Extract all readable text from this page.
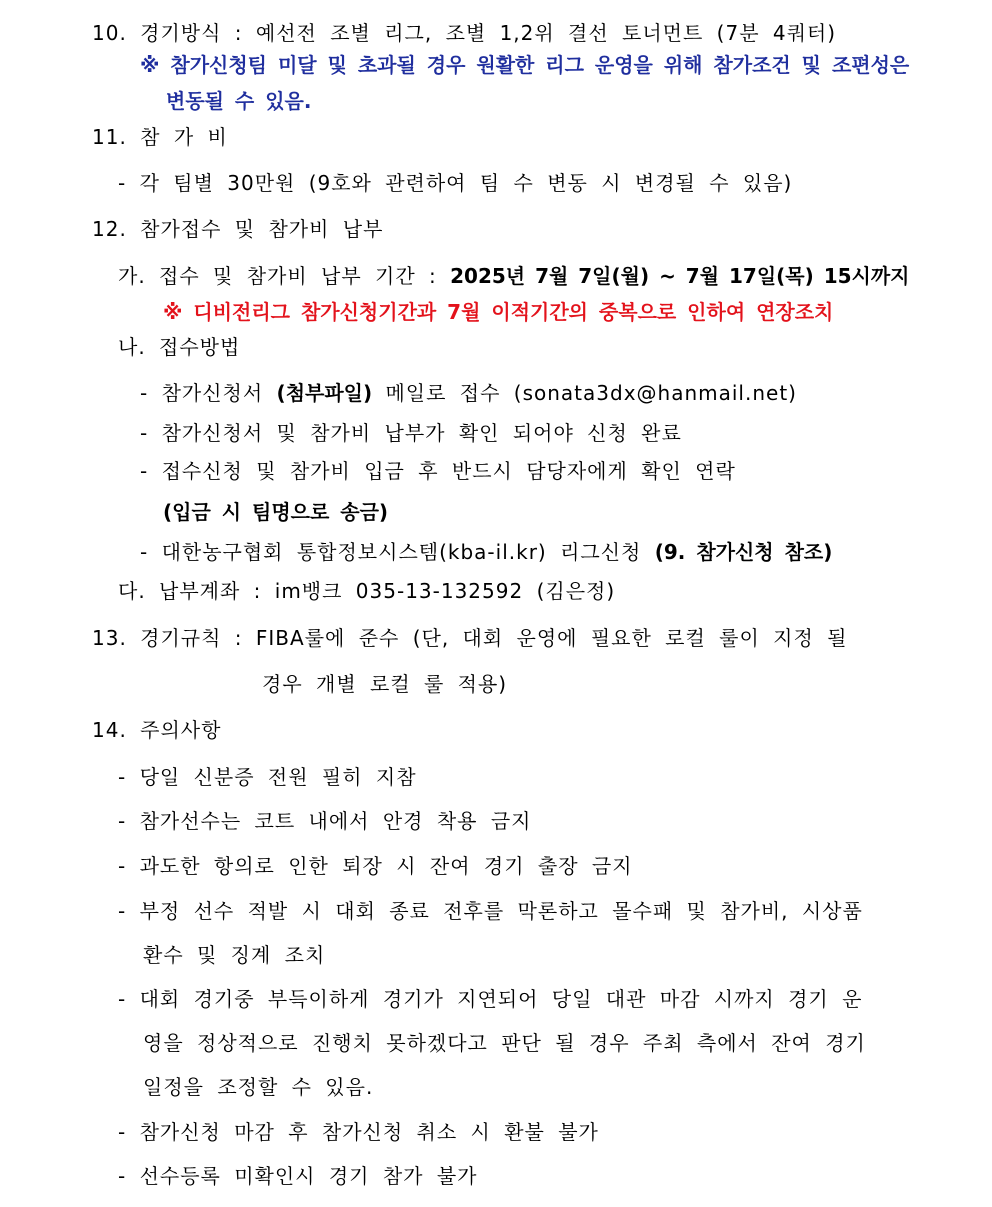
10. 경기방식 : 예선전 조별 리그, 조별 1,2위 결선 토너먼트 (7분 4쿼터)
※ 참가신청팀 미달 및 초과될 경우 원활한 리그 운영을 위해 참가조건 및 조편성은
변동될 수 있음.
11. 참 가 비
- 각 팀별 30만원 (9호와 관련하여 팀 수 변동 시 변경될 수 있음)
12. 참가접수 및 참가비 납부
가. 접수 및 참가비 납부 기간 : 2025년 7월 7일(월) ~ 7월 17일(목) 15시까지
※ 디비전리그 참가신청기간과 7월 이적기간의 중복으로 인하여 연장조치
나. 접수방법
- 참가신청서 (첨부파일) 메일로 접수 (sonata3dx@hanmail.net)
- 참가신청서 및 참가비 납부가 확인 되어야 신청 완료
- 접수신청 및 참가비 입금 후 반드시 담당자에게 확인 연락
(입금 시 팀명으로 송금)
- 대한농구협회 통합정보시스템(kba-il.kr) 리그신청 (9. 참가신청 참조)
다. 납부계좌 : im뱅크 035-13-132592 (김은정)
13. 경기규칙 : FIBA룰에 준수 (단, 대회 운영에 필요한 로컬 룰이 지정 될
경우 개별 로컬 룰 적용)
14. 주의사항
- 당일 신분증 전원 필히 지참
- 참가선수는 코트 내에서 안경 착용 금지
- 과도한 항의로 인한 퇴장 시 잔여 경기 출장 금지
- 부정 선수 적발 시 대회 종료 전후를 막론하고 몰수패 및 참가비, 시상품
환수 및 징계 조치
- 대회 경기중 부득이하게 경기가 지연되어 당일 대관 마감 시까지 경기 운
영을 정상적으로 진행치 못하겠다고 판단 될 경우 주최 측에서 잔여 경기
일정을 조정할 수 있음.
- 참가신청 마감 후 참가신청 취소 시 환불 불가
- 선수등록 미확인시 경기 참가 불가
